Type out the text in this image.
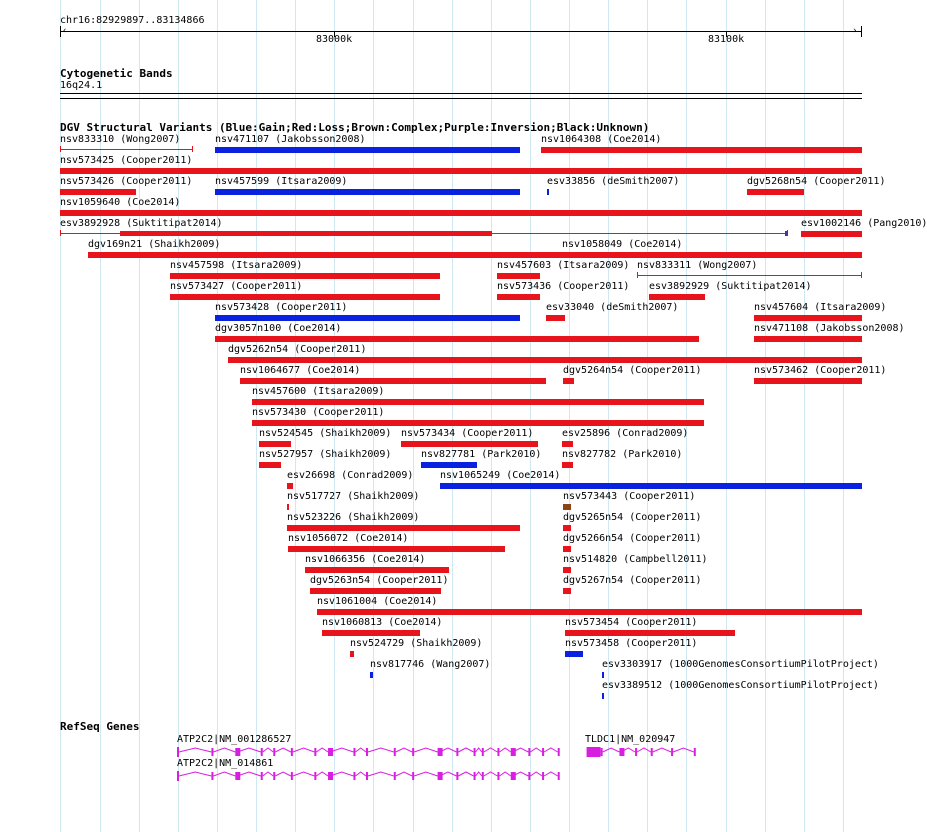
chr16:82929897..83134866
‹	›
83000k	83100k
Cytogenetic Bands
16q24.1
DGV Structural Variants (Blue:Gain;Red:Loss;Brown:Complex;Purple:Inversion;Black:Unknown)
nsv833310 (Wong2007)	nsv471107 (Jakobsson2008)	nsv1064308 (Coe2014)
nsv573425 (Cooper2011)
nsv573426 (Cooper2011) nsv457599 (Itsara2009)	esv33856 (deSmith2007)	dgv5268n54 (Cooper2011)
nsv1059640 (Coe2014)
esv3892928 (Suktitipat2014)	esv1002146 (Pang2010)
dgv169n21 (Shaikh2009)	nsv1058049 (Coe2014)
nsv457598 (Itsara2009)	nsv457603 (Itsara2009) nsv833311 (Wong2007)
nsv573427 (Cooper2011)	nsv573436 (Cooper2011) esv3892929 (Suktitipat2014)
nsv573428 (Cooper2011)	esv33040 (deSmith2007)	nsv457604 (Itsara2009)
dgv3057n100 (Coe2014)	nsv471108 (Jakobsson2008)
dgv5262n54 (Cooper2011)
nsv1064677 (Coe2014)	dgv5264n54 (Cooper2011)	nsv573462 (Cooper2011)
nsv457600 (Itsara2009)
nsv573430 (Cooper2011)
nsv524545 (Shaikh2009) nsv573434 (Cooper2011)	esv25896 (Conrad2009)
nsv527957 (Shaikh2009)	nsv827781 (Park2010) nsv827782 (Park2010)
esv26698 (Conrad2009)	nsv1065249 (Coe2014)
nsv517727 (Shaikh2009)	nsv573443 (Cooper2011)
nsv523226 (Shaikh2009)	dgv5265n54 (Cooper2011)
nsv1056072 (Coe2014)	dgv5266n54 (Cooper2011)
nsv1066356 (Coe2014)	nsv514820 (Campbell2011)
dgv5263n54 (Cooper2011)	dgv5267n54 (Cooper2011)
nsv1061004 (Coe2014)
nsv1060813 (Coe2014)	nsv573454 (Cooper2011)
nsv524729 (Shaikh2009)	nsv573458 (Cooper2011)
nsv817746 (Wang2007)	esv3303917 (1000GenomesConsortiumPilotProject)
esv3389512 (1000GenomesConsortiumPilotProject)
RefSeq Genes
ATP2C2|NM_001286527	TLDC1|NM_020947
ATP2C2|NM_014861
